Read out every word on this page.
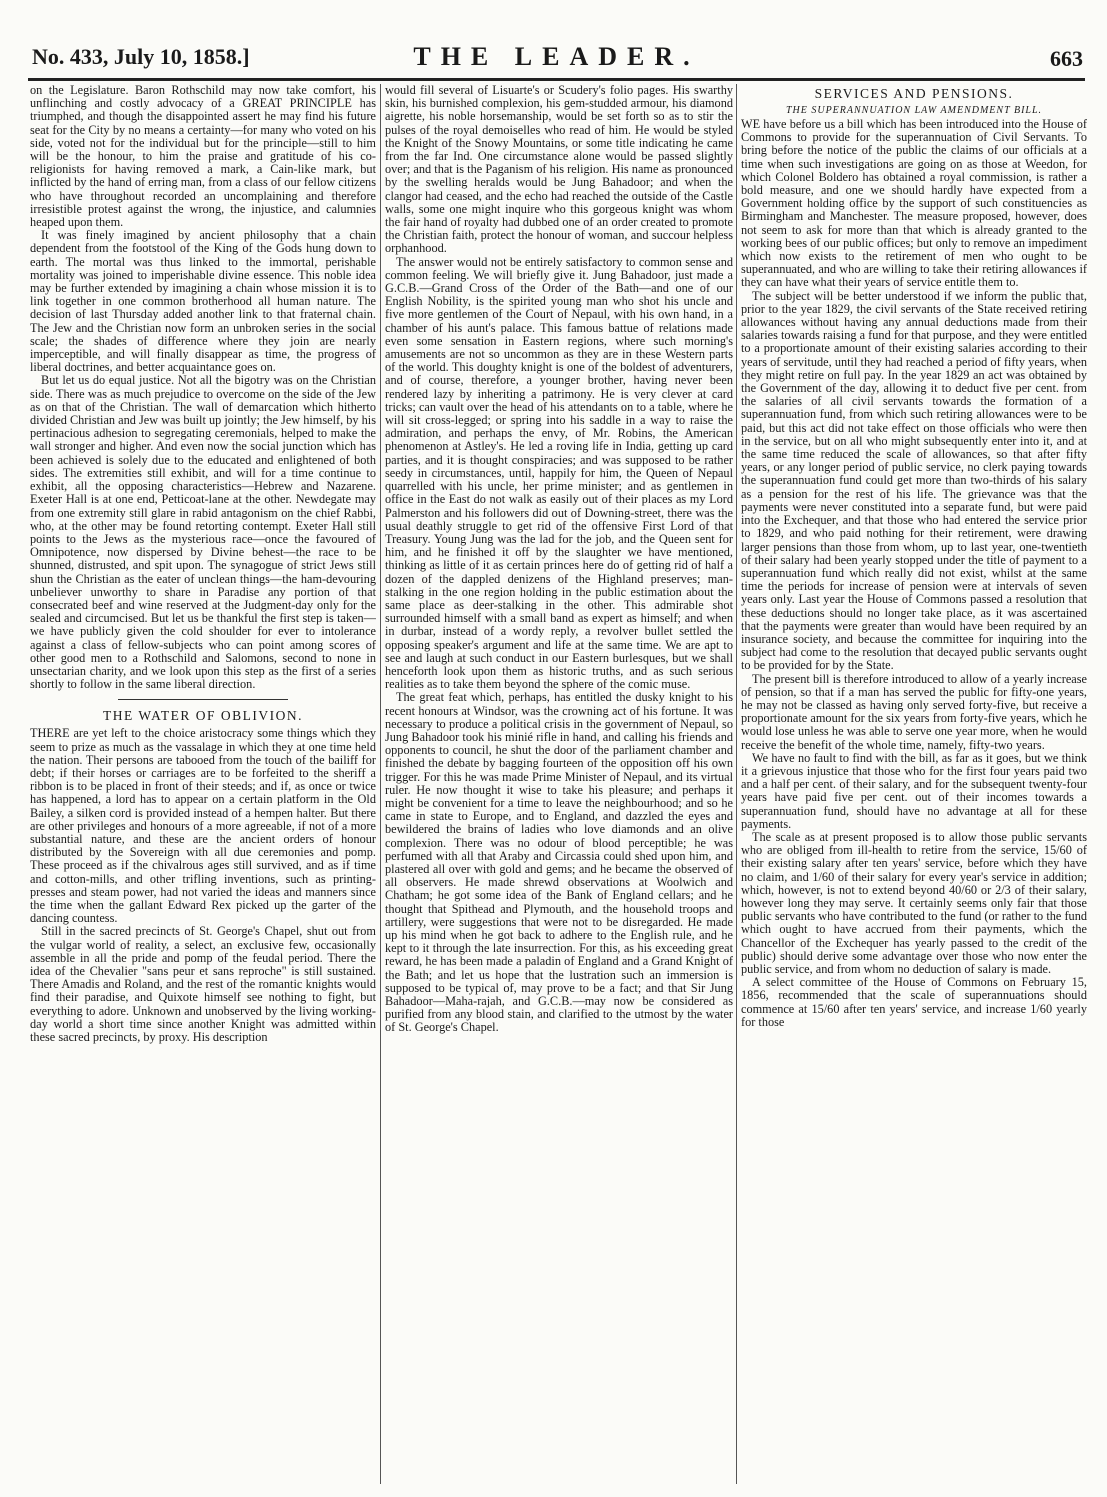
No. 433, July 10, 1858.]	THE LEADER.	663

on the Legislature. Baron Rothschild may now take comfort, his unflinching and costly advocacy of a GREAT PRINCIPLE has triumphed, and though the disappointed assert he may find his future seat for the City by no means a certainty—for many who voted on his side, voted not for the individual but for the principle—still to him will be the honour, to him the praise and gratitude of his co-religionists for having removed a mark, a Cain-like mark, but inflicted by the hand of erring man, from a class of our fellow citizens who have throughout recorded an uncomplaining and therefore irresistible protest against the wrong, the injustice, and calumnies heaped upon them.

It was finely imagined by ancient philosophy that a chain dependent from the footstool of the King of the Gods hung down to earth. The mortal was thus linked to the immortal, perishable mortality was joined to imperishable divine essence. This noble idea may be further extended by imagining a chain whose mission it is to link together in one common brotherhood all human nature. The decision of last Thursday added another link to that fraternal chain. The Jew and the Christian now form an unbroken series in the social scale; the shades of difference where they join are nearly imperceptible, and will finally disappear as time, the progress of liberal doctrines, and better acquaintance goes on.

But let us do equal justice. Not all the bigotry was on the Christian side. There was as much prejudice to overcome on the side of the Jew as on that of the Christian. The wall of demarcation which hitherto divided Christian and Jew was built up jointly; the Jew himself, by his pertinacious adhesion to segregating ceremonials, helped to make the wall stronger and higher. And even now the social junction which has been achieved is solely due to the educated and enlightened of both sides. The extremities still exhibit, and will for a time continue to exhibit, all the opposing characteristics—Hebrew and Nazarene. Exeter Hall is at one end, Petticoat-lane at the other. Newdegate may from one extremity still glare in rabid antagonism on the chief Rabbi, who, at the other may be found retorting contempt. Exeter Hall still points to the Jews as the mysterious race—once the favoured of Omnipotence, now dispersed by Divine behest—the race to be shunned, distrusted, and spit upon. The synagogue of strict Jews still shun the Christian as the eater of unclean things—the ham-devouring unbeliever unworthy to share in Paradise any portion of that consecrated beef and wine reserved at the Judgment-day only for the sealed and circumcised. But let us be thankful the first step is taken—we have publicly given the cold shoulder for ever to intolerance against a class of fellow-subjects who can point among scores of other good men to a Rothschild and Salomons, second to none in unsectarian charity, and we look upon this step as the first of a series shortly to follow in the same liberal direction.

THE WATER OF OBLIVION.

THERE are yet left to the choice aristocracy some things which they seem to prize as much as the vassalage in which they at one time held the nation. Their persons are tabooed from the touch of the bailiff for debt; if their horses or carriages are to be forfeited to the sheriff a ribbon is to be placed in front of their steeds; and if, as once or twice has happened, a lord has to appear on a certain platform in the Old Bailey, a silken cord is provided instead of a hempen halter. But there are other privileges and honours of a more agreeable, if not of a more substantial nature, and these are the ancient orders of honour distributed by the Sovereign with all due ceremonies and pomp. These proceed as if the chivalrous ages still survived, and as if time and cotton-mills, and other trifling inventions, such as printing-presses and steam power, had not varied the ideas and manners since the time when the gallant Edward Rex picked up the garter of the dancing countess.

Still in the sacred precincts of St. George's Chapel, shut out from the vulgar world of reality, a select, an exclusive few, occasionally assemble in all the pride and pomp of the feudal period. There the idea of the Chevalier "sans peur et sans reproche" is still sustained. There Amadis and Roland, and the rest of the romantic knights would find their paradise, and Quixote himself see nothing to fight, but everything to adore. Unknown and unobserved by the living working-day world a short time since another Knight was admitted within these sacred precincts, by proxy. His description

would fill several of Lisuarte's or Scudery's folio pages. His swarthy skin, his burnished complexion, his gem-studded armour, his diamond aigrette, his noble horsemanship, would be set forth so as to stir the pulses of the royal demoiselles who read of him. He would be styled the Knight of the Snowy Mountains, or some title indicating he came from the far Ind. One circumstance alone would be passed slightly over; and that is the Paganism of his religion. His name as pronounced by the swelling heralds would be Jung Bahadoor; and when the clangor had ceased, and the echo had reached the outside of the Castle walls, some one might inquire who this gorgeous knight was whom the fair hand of royalty had dubbed one of an order created to promote the Christian faith, protect the honour of woman, and succour helpless orphanhood.

The answer would not be entirely satisfactory to common sense and common feeling. We will briefly give it. Jung Bahadoor, just made a G.C.B.—Grand Cross of the Order of the Bath—and one of our English Nobility, is the spirited young man who shot his uncle and five more gentlemen of the Court of Nepaul, with his own hand, in a chamber of his aunt's palace. This famous battue of relations made even some sensation in Eastern regions, where such morning's amusements are not so uncommon as they are in these Western parts of the world. This doughty knight is one of the boldest of adventurers, and of course, therefore, a younger brother, having never been rendered lazy by inheriting a patrimony. He is very clever at card tricks; can vault over the head of his attendants on to a table, where he will sit cross-legged; or spring into his saddle in a way to raise the admiration, and perhaps the envy, of Mr. Robins, the American phenomenon at Astley's. He led a roving life in India, getting up card parties, and it is thought conspiracies; and was supposed to be rather seedy in circumstances, until, happily for him, the Queen of Nepaul quarrelled with his uncle, her prime minister; and as gentlemen in office in the East do not walk as easily out of their places as my Lord Palmerston and his followers did out of Downing-street, there was the usual deathly struggle to get rid of the offensive First Lord of that Treasury. Young Jung was the lad for the job, and the Queen sent for him, and he finished it off by the slaughter we have mentioned, thinking as little of it as certain princes here do of getting rid of half a dozen of the dappled denizens of the Highland preserves; man-stalking in the one region holding in the public estimation about the same place as deer-stalking in the other. This admirable shot surrounded himself with a small band as expert as himself; and when in durbar, instead of a wordy reply, a revolver bullet settled the opposing speaker's argument and life at the same time. We are apt to see and laugh at such conduct in our Eastern burlesques, but we shall henceforth look upon them as historic truths, and as such serious realities as to take them beyond the sphere of the comic muse.

The great feat which, perhaps, has entitled the dusky knight to his recent honours at Windsor, was the crowning act of his fortune. It was necessary to produce a political crisis in the government of Nepaul, so Jung Bahadoor took his minié rifle in hand, and calling his friends and opponents to council, he shut the door of the parliament chamber and finished the debate by bagging fourteen of the opposition off his own trigger. For this he was made Prime Minister of Nepaul, and its virtual ruler. He now thought it wise to take his pleasure; and perhaps it might be convenient for a time to leave the neighbourhood; and so he came in state to Europe, and to England, and dazzled the eyes and bewildered the brains of ladies who love diamonds and an olive complexion. There was no odour of blood perceptible; he was perfumed with all that Araby and Circassia could shed upon him, and plastered all over with gold and gems; and he became the observed of all observers. He made shrewd observations at Woolwich and Chatham; he got some idea of the Bank of England cellars; and he thought that Spithead and Plymouth, and the household troops and artillery, were suggestions that were not to be disregarded. He made up his mind when he got back to adhere to the English rule, and he kept to it through the late insurrection. For this, as his exceeding great reward, he has been made a paladin of England and a Grand Knight of the Bath; and let us hope that the lustration such an immersion is supposed to be typical of, may prove to be a fact; and that Sir Jung Bahadoor—Maha-rajah, and G.C.B.—may now be considered as purified from any blood stain, and clarified to the utmost by the water of St. George's Chapel.

SERVICES AND PENSIONS.
THE SUPERANNUATION LAW AMENDMENT BILL.

WE have before us a bill which has been introduced into the House of Commons to provide for the superannuation of Civil Servants. To bring before the notice of the public the claims of our officials at a time when such investigations are going on as those at Weedon, for which Colonel Boldero has obtained a royal commission, is rather a bold measure, and one we should hardly have expected from a Government holding office by the support of such constituencies as Birmingham and Manchester. The measure proposed, however, does not seem to ask for more than that which is already granted to the working bees of our public offices; but only to remove an impediment which now exists to the retirement of men who ought to be superannuated, and who are willing to take their retiring allowances if they can have what their years of service entitle them to.

The subject will be better understood if we inform the public that, prior to the year 1829, the civil servants of the State received retiring allowances without having any annual deductions made from their salaries towards raising a fund for that purpose, and they were entitled to a proportionate amount of their existing salaries according to their years of servitude, until they had reached a period of fifty years, when they might retire on full pay. In the year 1829 an act was obtained by the Government of the day, allowing it to deduct five per cent. from the salaries of all civil servants towards the formation of a superannuation fund, from which such retiring allowances were to be paid, but this act did not take effect on those officials who were then in the service, but on all who might subsequently enter into it, and at the same time reduced the scale of allowances, so that after fifty years, or any longer period of public service, no clerk paying towards the superannuation fund could get more than two-thirds of his salary as a pension for the rest of his life. The grievance was that the payments were never constituted into a separate fund, but were paid into the Exchequer, and that those who had entered the service prior to 1829, and who paid nothing for their retirement, were drawing larger pensions than those from whom, up to last year, one-twentieth of their salary had been yearly stopped under the title of payment to a superannuation fund which really did not exist, whilst at the same time the periods for increase of pension were at intervals of seven years only. Last year the House of Commons passed a resolution that these deductions should no longer take place, as it was ascertained that the payments were greater than would have been required by an insurance society, and because the committee for inquiring into the subject had come to the resolution that decayed public servants ought to be provided for by the State.

The present bill is therefore introduced to allow of a yearly increase of pension, so that if a man has served the public for fifty-one years, he may not be classed as having only served forty-five, but receive a proportionate amount for the six years from forty-five years, which he would lose unless he was able to serve one year more, when he would receive the benefit of the whole time, namely, fifty-two years.

We have no fault to find with the bill, as far as it goes, but we think it a grievous injustice that those who for the first four years paid two and a half per cent. of their salary, and for the subsequent twenty-four years have paid five per cent. out of their incomes towards a superannuation fund, should have no advantage at all for these payments.

The scale as at present proposed is to allow those public servants who are obliged from ill-health to retire from the service, 15/60 of their existing salary after ten years' service, before which they have no claim, and 1/60 of their salary for every year's service in addition; which, however, is not to extend beyond 40/60 or 2/3 of their salary, however long they may serve. It certainly seems only fair that those public servants who have contributed to the fund (or rather to the fund which ought to have accrued from their payments, which the Chancellor of the Exchequer has yearly passed to the credit of the public) should derive some advantage over those who now enter the public service, and from whom no deduction of salary is made.

A select committee of the House of Commons on February 15, 1856, recommended that the scale of superannuations should commence at 15/60 after ten years' service, and increase 1/60 yearly for those
